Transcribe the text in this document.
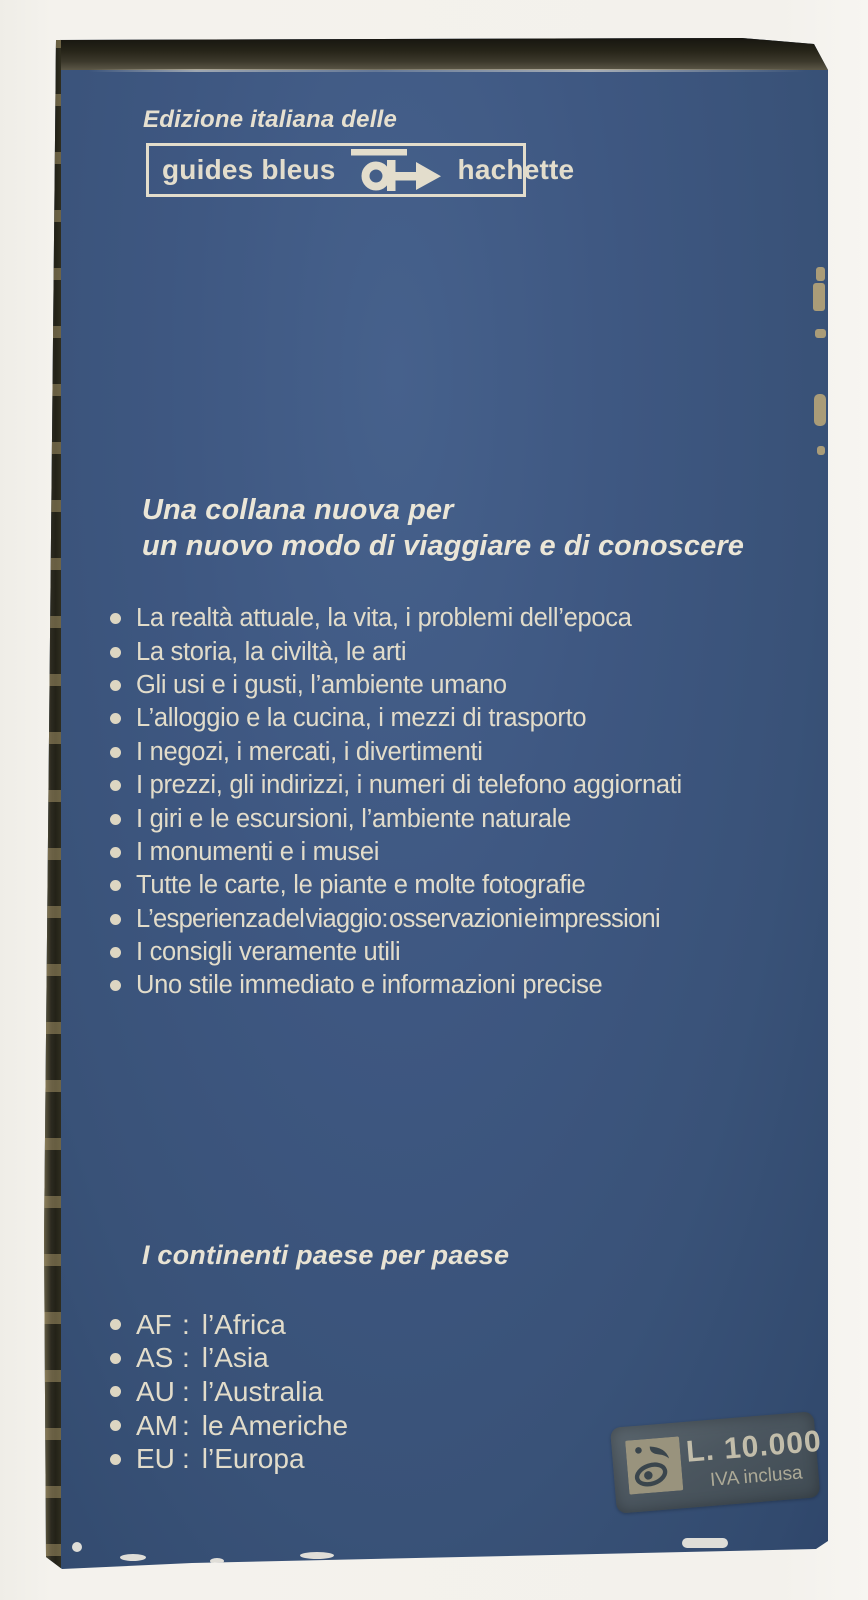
Edizione italiana delle
guides bleus	hachette
Una collana nuova per
un nuovo modo di viaggiare e di conoscere
La realtà attuale, la vita, i problemi dell’epoca
La storia, la civiltà, le arti
Gli usi e i gusti, l’ambiente umano
L’alloggio e la cucina, i mezzi di trasporto
I negozi, i mercati, i divertimenti
I prezzi, gli indirizzi, i numeri di telefono aggiornati
I giri e le escursioni, l’ambiente naturale
I monumenti e i musei
Tutte le carte, le piante e molte fotografie
L’esperienza del viaggio: osservazioni e impressioni
I consigli veramente utili
Uno stile immediato e informazioni precise
I continenti paese per paese
AF : l’Africa
AS : l’Asia
AU : l’Australia
AM : le Americhe
EU : l’Europa	L. 10.000
IVA inclusa
